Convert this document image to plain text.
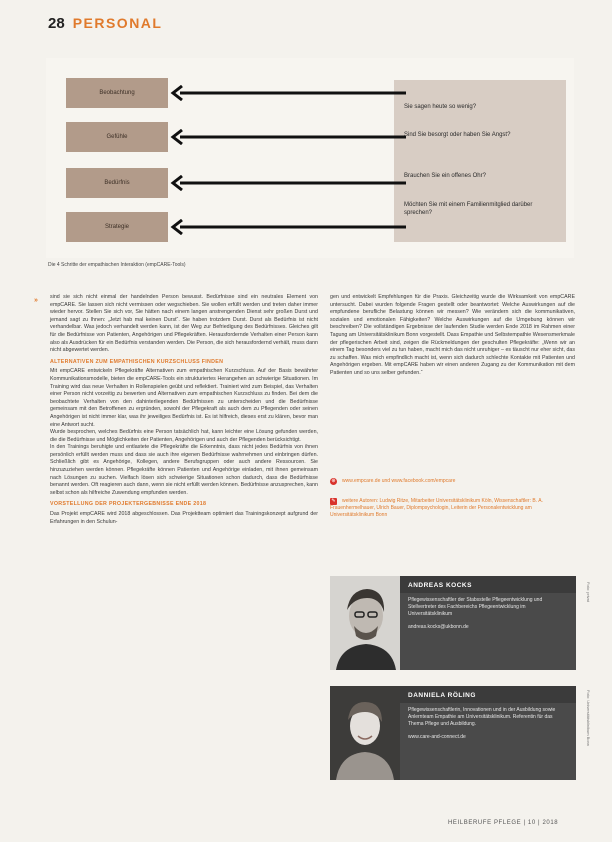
28 PERSONAL
Beobachtung
Gefühle
Bedürfnis
Strategie
Sie sagen heute so wenig?
Sind Sie besorgt oder haben Sie Angst?
Brauchen Sie ein offenes Ohr?
Möchten Sie mit einem Familienmitglied darüber sprechen?
Die 4 Schritte der empathischen Interaktion (empCARE-Tools)
» sind sie sich nicht einmal der handelnden Person bewusst. Bedürfnisse sind ein neutrales Element von empCARE. Sie lassen sich nicht vermissen oder wegschieben. Sie wollen erfüllt werden und treten daher immer wieder hervor. Stellen Sie sich vor, Sie hätten nach einem langen anstrengenden Dienst sehr großen Durst und jemand sagt zu Ihnen: „Jetzt hab mal keinen Durst“. Sie haben trotzdem Durst. Durst als Bedürfnis ist nicht verhandelbar. Was jedoch verhandelt werden kann, ist der Weg zur Befriedigung des Bedürfnisses. Gleiches gilt für die Bedürfnisse von Patienten, Angehörigen und Pflegekräften. Herausfordernde Verhalten einer Person kann also als Ausdrücken für ein Bedürfnis verstanden werden. Die Person, die sich herausfordernd verhält, muss dann nicht abgewertet werden.

ALTERNATIVEN ZUM EMPATHISCHEN KURZSCHLUSS FINDEN

Mit empCARE entwickeln Pflegekräfte Alternativen zum empathischen Kurzschluss. Auf der Basis bewährter Kommunikationsmodelle, bieten die empCARE-Tools ein strukturiertes Herangehen an schwierige Situationen. Im Training wird das neue Verhalten in Rollenspielen geübt und reflektiert. Trainiert wird zum Beispiel, das Verhalten einer Person nicht vorzeitig zu bewerten und Alternativen zum empathischen Kurzschluss zu finden. Bei dem die beobachtete Verhalten von den dahinterliegenden Bedürfnissen zu unterscheiden und die Bedürfnisse gemeinsam mit den Betroffenen zu ergründen, sowohl der Pflegekraft als auch dem zu Pflegenden oder seinen Angehörigen ist nicht immer klar, was ihr jeweiliges Bedürfnis ist. Es ist hilfreich, dieses erst zu klären, bevor man eine Antwort sucht.

Wurde besprochen, welches Bedürfnis eine Person tatsächlich hat, kann leichter eine Lösung gefunden werden, die die Bedürfnisse und Möglichkeiten der Patienten, Angehörigen und auch der Pflegenden berücksichtigt.

In den Trainings beruhigte und entlastete die Pflegekräfte die Erkenntnis, dass nicht jedes Bedürfnis von ihnen persönlich erfüllt werden muss und dass sie auch ihre eigenen Bedürfnisse wahrnehmen und einbringen dürfen. Schließlich gibt es Angehörige, Kollegen, andere Berufsgruppen oder auch andere Ressourcen. Sie hinzuzuziehen werden können. Pflegekräfte können Patienten und Angehörige einladen, mit ihnen gemeinsam nach Lösungen zu suchen. Vielfach lösen sich schwierige Situationen schon dadurch, dass die Bedürfnisse benannt werden. Oft reagieren auch dann, wenn sie nicht erfüllt werden können. Bedürfnisse anzusprechen, kann selbst schon als hilfreiche Zuwendung empfunden werden.

VORSTELLUNG DER PROJEKTERGEBNISSE ENDE 2018

Das Projekt empCARE wird 2018 abgeschlossen. Das Projektteam optimiert das Trainingskonzept aufgrund der Erfahrungen in den Schulun-

gen und entwickelt Empfehlungen für die Praxis. Gleichzeitig wurde die Wirksamkeit von empCARE untersucht. Dabei wurden folgende Fragen gestellt oder beantwortet: Welche Auswirkungen auf die empfundene berufliche Belastung können wir messen? Wie verändern sich die kommunikativen, sozialen und emotionalen Fähigkeiten? Welche Auswirkungen auf die Umgebung können wir beschreiben? Die vollständigen Ergebnisse der laufenden Studie werden Ende 2018 im Rahmen einer Tagung am Universitätsklinikum Bonn vorgestellt. Dass Empathie und Selbstempathie Wesensmerkmale der pflegerischen Arbeit sind, zeigen die Rückmeldungen der geschulten Pflegekräfte: „Wenn wir an einem Tag besonders viel zu tun haben, macht mich das nicht unruhiger – es täuscht nur eher sicht, das zu schaffen. Was mich empfindlich macht ist, wenn sich dadurch schlechte Kontakte mit Patienten und Angehörigen ergeben. Mit empCARE haben wir einen anderen Zugang zu der Kommunikation mit dem Patienten und so uns selber gefunden.“

⊕ www.empcare.de und www.facebook.com/empcare
✎ weitere Autoren: Ludwig Ritze, Mitarbeiter Universitätsklinikum Köln, Wissenschaftler: B. A. Frauenhermelhauer, Ulrich Bauer, Diplompsychologin, Leiterin der Personalentwicklung am Universitätsklinikum Bonn
ANDREAS KOCKS
Pflegewissenschaftler der Stabsstelle Pflegeentwicklung und Stellvertreter des Fachbereichs Pflegeentwicklung im Universitätsklinikum
andreas.kocks@ukbonn.de
Foto: privat
DANNIELA RÖLING
Pflegewissenschaftlerin, Innovationen und in der Ausbildung sowie Anlernteam Empathie am Universitätsklinikum. Referentin für das Thema Pflege und Ausbildung.
www.care-and-connect.de	Foto: Universitätsklinikum Bonn
HEILBERUFE PFLEGE | 10 | 2018
